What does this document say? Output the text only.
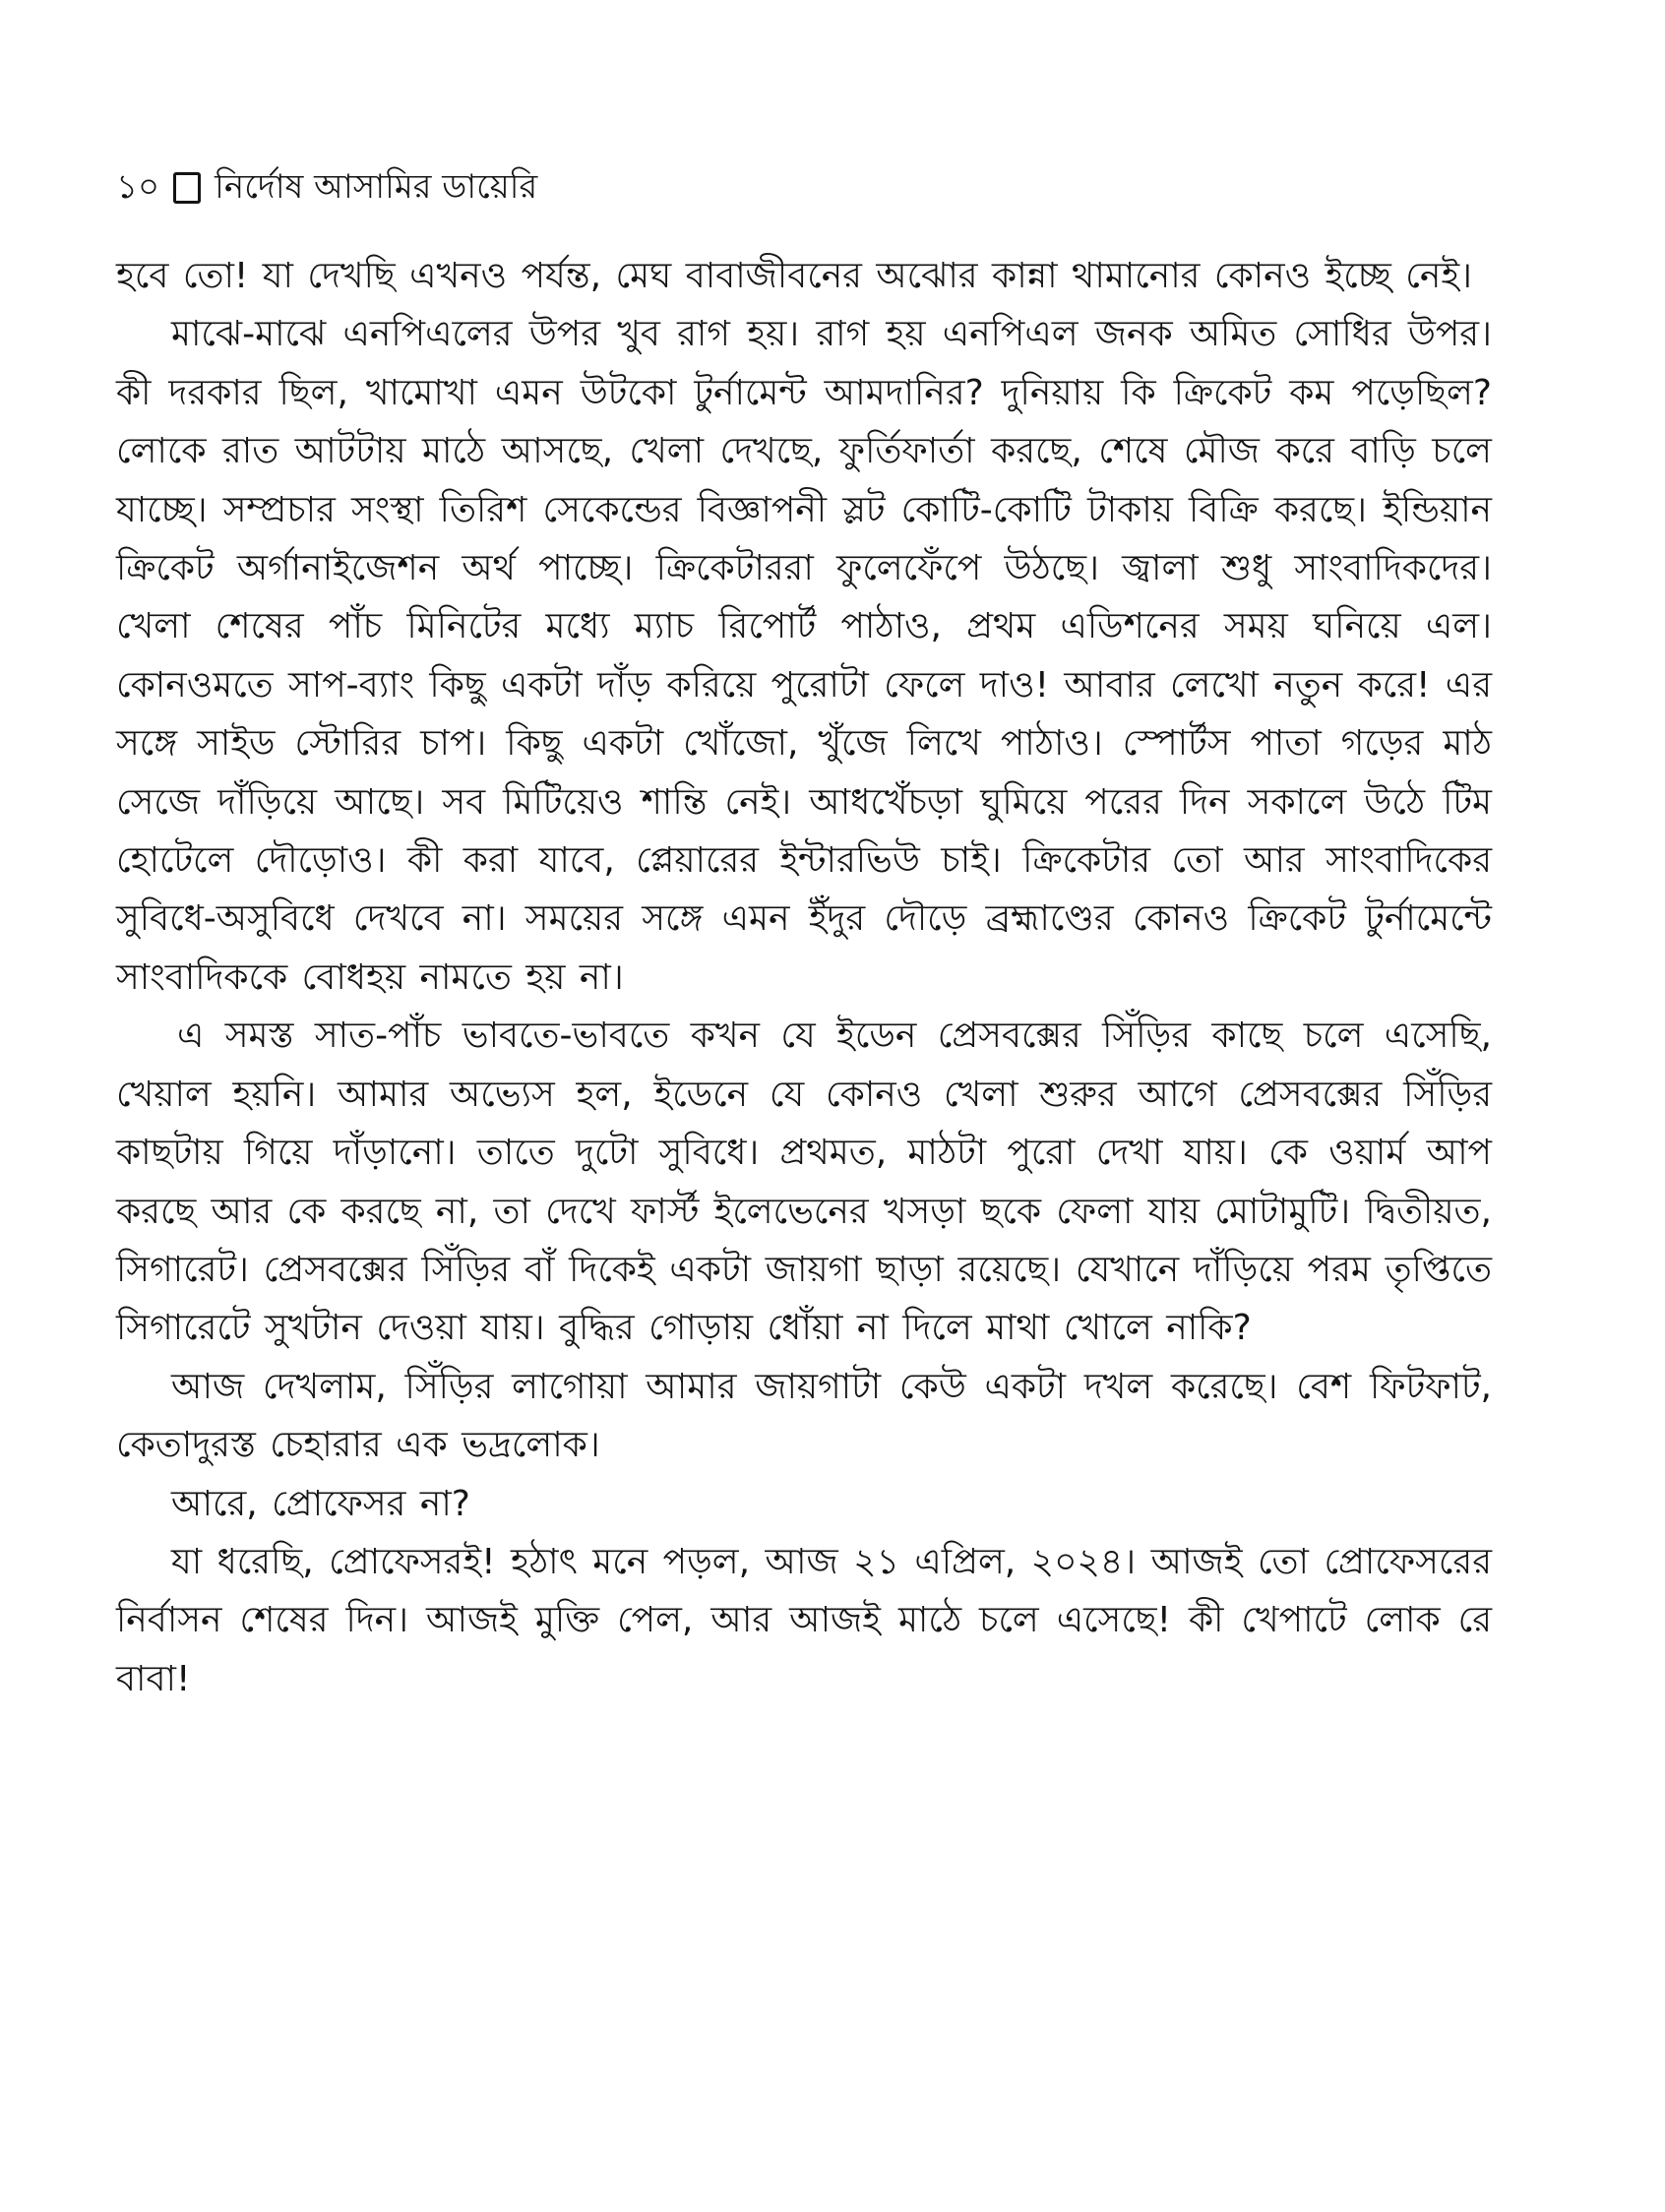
১০ নির্দোষ আসামির ডায়েরি

হবে তো! যা দেখছি এখনও পর্যন্ত, মেঘ বাবাজীবনের অঝোর কান্না থামানোর কোনও ইচ্ছে নেই।

মাঝে-মাঝে এনপিএলের উপর খুব রাগ হয়। রাগ হয় এনপিএল জনক অমিত সোধির উপর। কী দরকার ছিল, খামোখা এমন উটকো টুর্নামেন্ট আমদানির? দুনিয়ায় কি ক্রিকেট কম পড়েছিল? লোকে রাত আটটায় মাঠে আসছে, খেলা দেখছে, ফুর্তিফার্তা করছে, শেষে মৌজ করে বাড়ি চলে যাচ্ছে। সম্প্রচার সংস্থা তিরিশ সেকেন্ডের বিজ্ঞাপনী স্লট কোটি-কোটি টাকায় বিক্রি করছে। ইন্ডিয়ান ক্রিকেট অর্গানাইজেশন অর্থ পাচ্ছে। ক্রিকেটাররা ফুলেফেঁপে উঠছে। জ্বালা শুধু সাংবাদিকদের। খেলা শেষের পাঁচ মিনিটের মধ্যে ম্যাচ রিপোর্ট পাঠাও, প্রথম এডিশনের সময় ঘনিয়ে এল। কোনওমতে সাপ-ব্যাং কিছু একটা দাঁড় করিয়ে পুরোটা ফেলে দাও! আবার লেখো নতুন করে! এর সঙ্গে সাইড স্টোরির চাপ। কিছু একটা খোঁজো, খুঁজে লিখে পাঠাও। স্পোর্টস পাতা গড়ের মাঠ সেজে দাঁড়িয়ে আছে। সব মিটিয়েও শান্তি নেই। আধখেঁচড়া ঘুমিয়ে পরের দিন সকালে উঠে টিম হোটেলে দৌড়োও। কী করা যাবে, প্লেয়ারের ইন্টারভিউ চাই। ক্রিকেটার তো আর সাংবাদিকের সুবিধে-অসুবিধে দেখবে না। সময়ের সঙ্গে এমন ইঁদুর দৌড়ে ব্রহ্মাণ্ডের কোনও ক্রিকেট টুর্নামেন্টে সাংবাদিককে বোধহয় নামতে হয় না।

এ সমস্ত সাত-পাঁচ ভাবতে-ভাবতে কখন যে ইডেন প্রেসবক্সের সিঁড়ির কাছে চলে এসেছি, খেয়াল হয়নি। আমার অভ্যেস হল, ইডেনে যে কোনও খেলা শুরুর আগে প্রেসবক্সের সিঁড়ির কাছটায় গিয়ে দাঁড়ানো। তাতে দুটো সুবিধে। প্রথমত, মাঠটা পুরো দেখা যায়। কে ওয়ার্ম আপ করছে আর কে করছে না, তা দেখে ফার্স্ট ইলেভেনের খসড়া ছকে ফেলা যায় মোটামুটি। দ্বিতীয়ত, সিগারেট। প্রেসবক্সের সিঁড়ির বাঁ দিকেই একটা জায়গা ছাড়া রয়েছে। যেখানে দাঁড়িয়ে পরম তৃপ্তিতে সিগারেটে সুখটান দেওয়া যায়। বুদ্ধির গোড়ায় ধোঁয়া না দিলে মাথা খোলে নাকি?

আজ দেখলাম, সিঁড়ির লাগোয়া আমার জায়গাটা কেউ একটা দখল করেছে। বেশ ফিটফাট, কেতাদুরস্ত চেহারার এক ভদ্রলোক।

আরে, প্রোফেসর না?

যা ধরেছি, প্রোফেসরই! হঠাৎ মনে পড়ল, আজ ২১ এপ্রিল, ২০২৪। আজই তো প্রোফেসরের নির্বাসন শেষের দিন। আজই মুক্তি পেল, আর আজই মাঠে চলে এসেছে! কী খেপাটে লোক রে বাবা!
